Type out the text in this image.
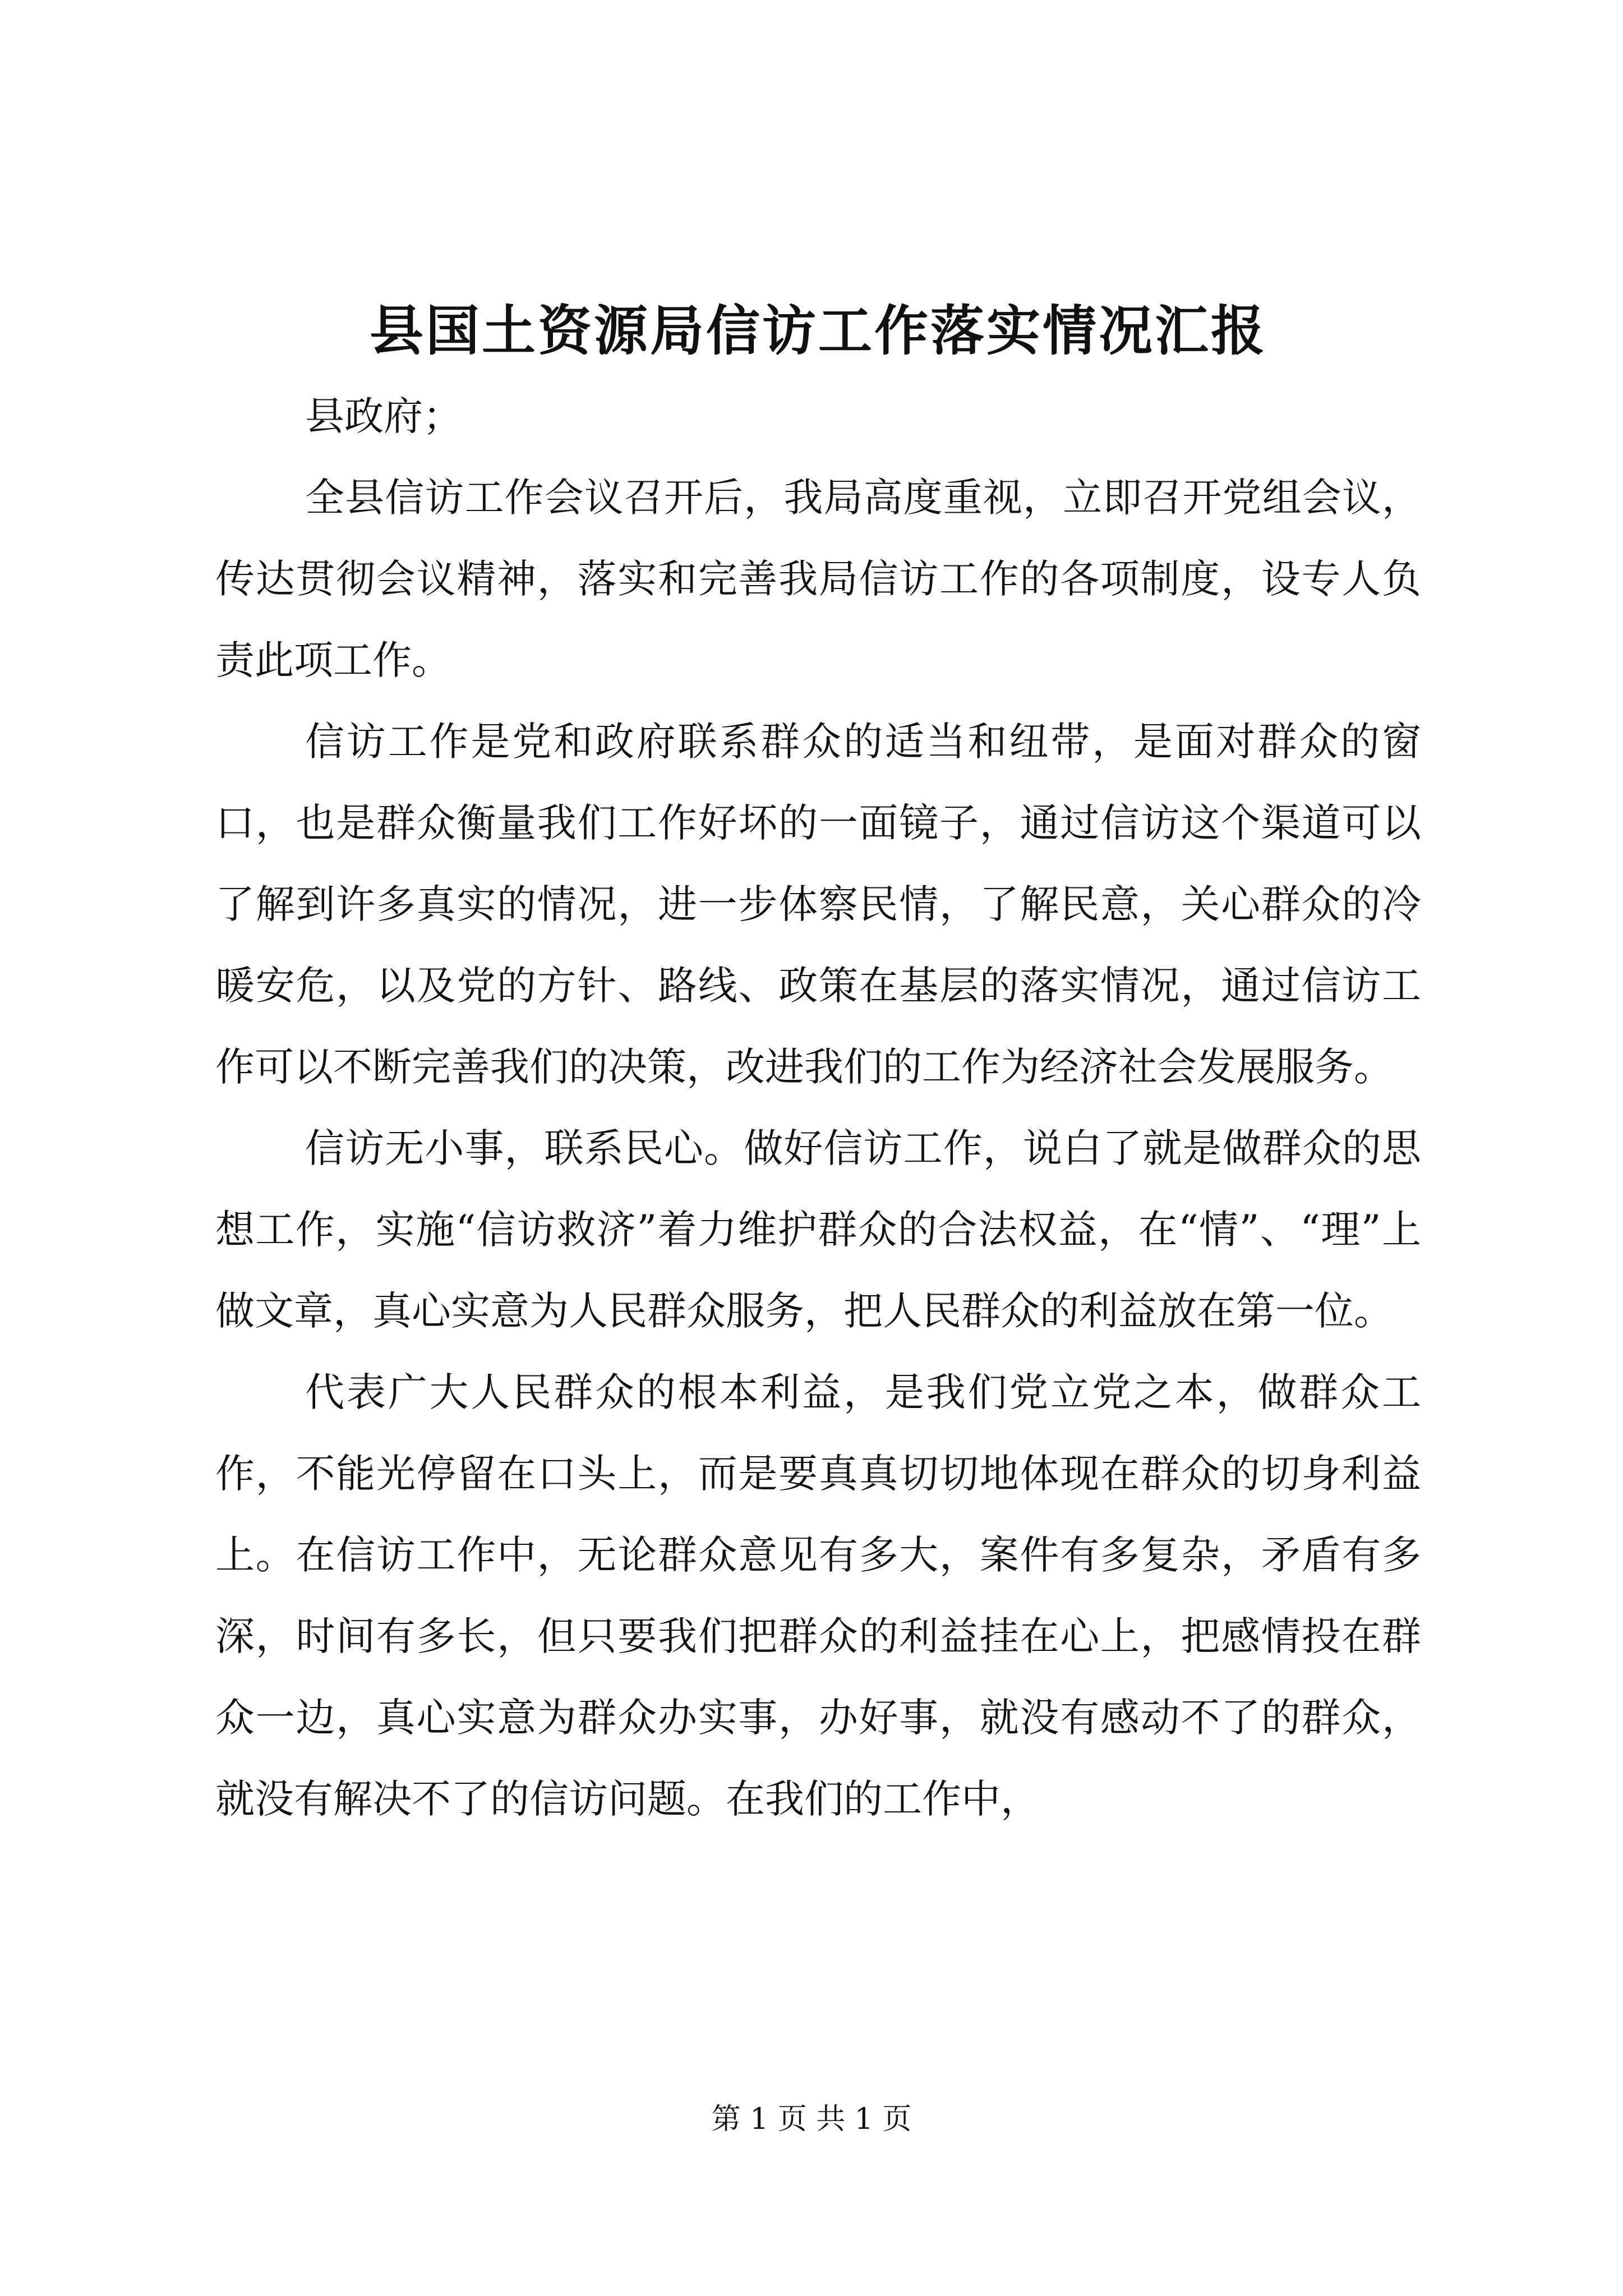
县国土资源局信访工作落实情况汇报

县政府；

全县信访工作会议召开后，我局高度重视，立即召开党组会议，传达贯彻会议精神，落实和完善我局信访工作的各项制度，设专人负责此项工作。

信访工作是党和政府联系群众的适当和纽带，是面对群众的窗口，也是群众衡量我们工作好坏的一面镜子，通过信访这个渠道可以了解到许多真实的情况，进一步体察民情，了解民意，关心群众的冷暖安危，以及党的方针、路线、政策在基层的落实情况，通过信访工作可以不断完善我们的决策，改进我们的工作为经济社会发展服务。

信访无小事，联系民心。做好信访工作，说白了就是做群众的思想工作，实施“信访救济”着力维护群众的合法权益，在“情”、“理”上做文章，真心实意为人民群众服务，把人民群众的利益放在第一位。

代表广大人民群众的根本利益，是我们党立党之本，做群众工作，不能光停留在口头上，而是要真真切切地体现在群众的切身利益上。在信访工作中，无论群众意见有多大，案件有多复杂，矛盾有多深，时间有多长，但只要我们把群众的利益挂在心上，把感情投在群众一边，真心实意为群众办实事，办好事，就没有感动不了的群众，就没有解决不了的信访问题。在我们的工作中，

第 1 页 共 1 页
